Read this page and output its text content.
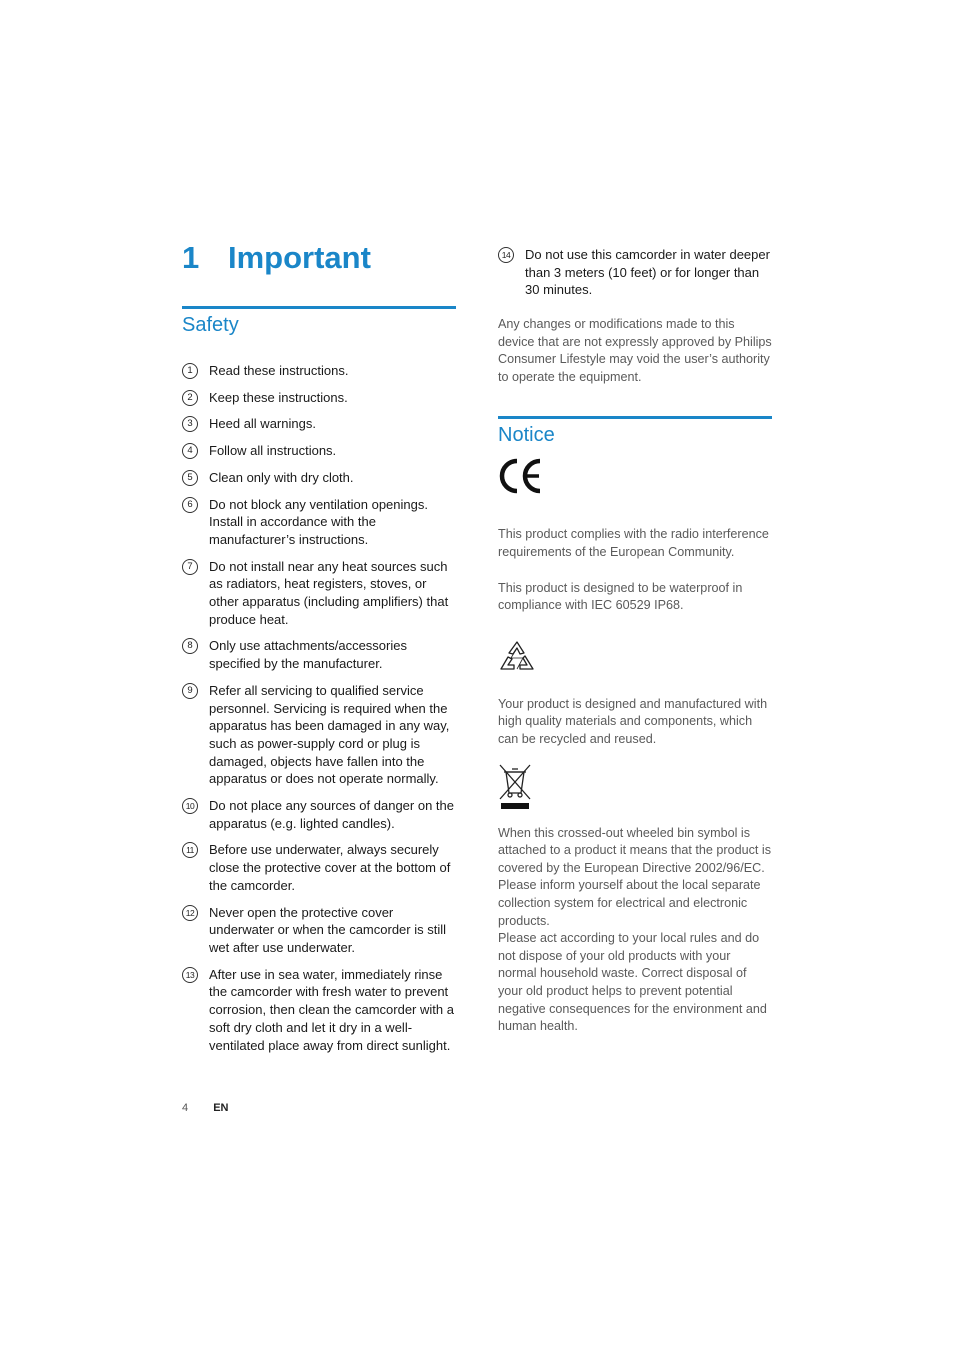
1 Important
Safety
1	Read these instructions.
2	Keep these instructions.
3	Heed all warnings.
4	Follow all instructions.
5	Clean only with dry cloth.
6	Do not block any ventilation openings. Install in accordance with the manufacturer’s instructions.
7	Do not install near any heat sources such as radiators, heat registers, stoves, or other apparatus (including amplifiers) that produce heat.
8	Only use attachments/accessories specified by the manufacturer.
9	Refer all servicing to qualified service personnel. Servicing is required when the apparatus has been damaged in any way, such as power-supply cord or plug is damaged, objects have fallen into the apparatus or does not operate normally.
10 Do not place any sources of danger on the apparatus (e.g. lighted candles).
11	Before use underwater, always securely close the protective cover at the bottom of the camcorder.
12 Never open the protective cover underwater or when the camcorder is still wet after use underwater.
13 After use in sea water, immediately rinse the camcorder with fresh water to prevent corrosion, then clean the camcorder with a soft dry cloth and let it dry in a well-ventilated place away from direct sunlight.
14 Do not use this camcorder in water deeper than 3 meters (10 feet) or for longer than 30 minutes.

Any changes or modifications made to this device that are not expressly approved by Philips Consumer Lifestyle may void the user’s authority to operate the equipment.

Notice

This product complies with the radio interference requirements of the European Community.

This product is designed to be waterproof in compliance with IEC 60529 IP68.

Your product is designed and manufactured with high quality materials and components, which can be recycled and reused.

When this crossed-out wheeled bin symbol is attached to a product it means that the product is covered by the European Directive 2002/96/EC.
Please inform yourself about the local separate collection system for electrical and electronic products.
Please act according to your local rules and do not dispose of your old products with your normal household waste. Correct disposal of your old product helps to prevent potential negative consequences for the environment and human health.

4 EN
